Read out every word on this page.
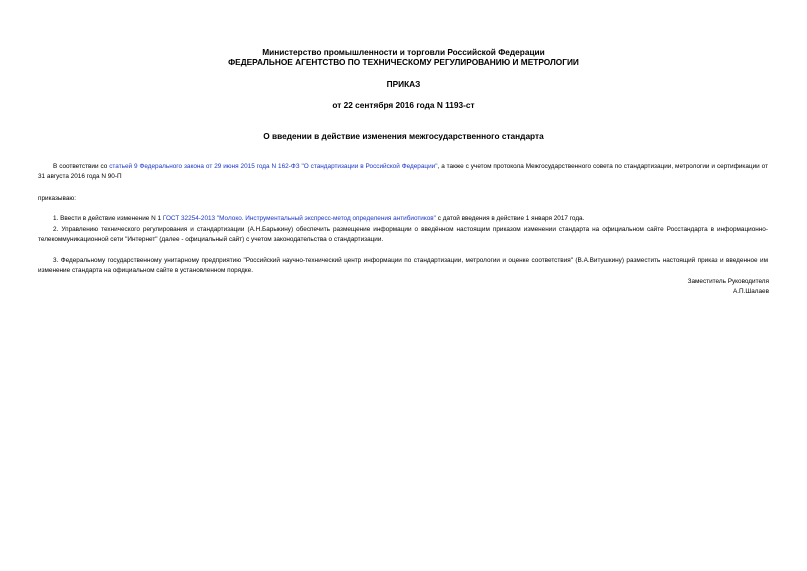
Министерство промышленности и торговли Российской Федерации
ФЕДЕРАЛЬНОЕ АГЕНТСТВО ПО ТЕХНИЧЕСКОМУ РЕГУЛИРОВАНИЮ И МЕТРОЛОГИИ
ПРИКАЗ
от 22 сентября 2016 года N 1193-ст
О введении в действие изменения межгосударственного стандарта
В соответствии со статьей 9 Федерального закона от 29 июня 2015 года N 162-ФЗ "О стандартизации в Российской Федерации", а также с учетом протокола Межгосударственного совета по стандартизации, метрологии и сертификации от 31 августа 2016 года N 90-П
приказываю:
1. Ввести в действие изменение N 1 ГОСТ 32254-2013 "Молоко. Инструментальный экспресс-метод определения антибиотиков" с датой введения в действие 1 января 2017 года.
2. Управлению технического регулирования и стандартизации (А.Н.Барыкину) обеспечить размещение информации о введённом настоящим приказом изменении стандарта на официальном сайте Росстандарта в информационно-телекоммуникационной сети "Интернет" (далее - официальный сайт) с учетом законодательства о стандартизации.
3. Федеральному государственному унитарному предприятию "Российский научно-технический центр информации по стандартизации, метрологии и оценке соответствия" (В.А.Витушкину) разместить настоящий приказ и введенное им изменение стандарта на официальном сайте в установленном порядке.
Заместитель Руководителя
А.П.Шалаев
